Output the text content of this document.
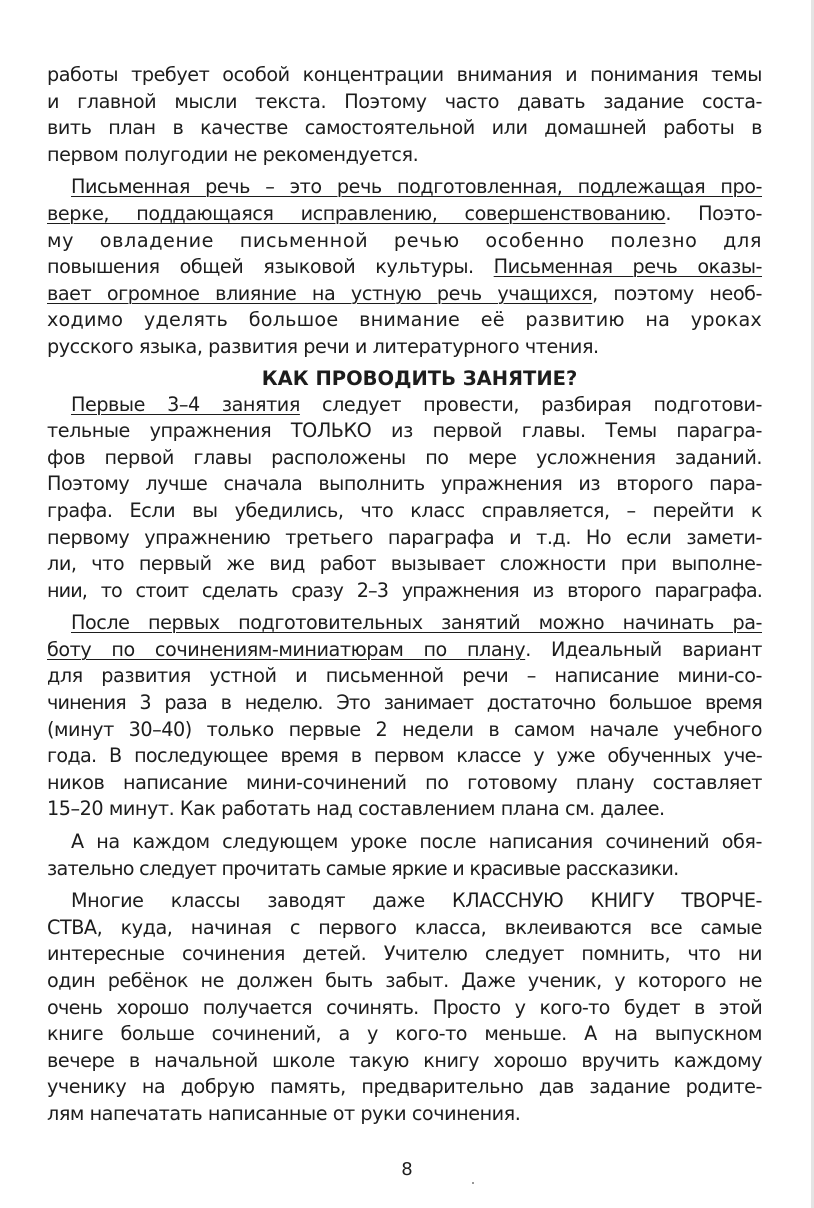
работы требует особой концентрации внимания и понимания темы
и главной мысли текста. Поэтому часто давать задание соста-
вить план в качестве самостоятельной или домашней работы в
первом полугодии не рекомендуется.
Письменная речь – это речь подготовленная, подлежащая про-
верке, поддающаяся исправлению, совершенствованию. Поэто-
му овладение письменной речью особенно полезно для
повышения общей языковой культуры. Письменная речь оказы-
вает огромное влияние на устную речь учащихся, поэтому необ-
ходимо уделять большое внимание её развитию на уроках
русского языка, развития речи и литературного чтения.
КАК ПРОВОДИТЬ ЗАНЯТИЕ?
Первые 3–4 занятия следует провести, разбирая подготови-
тельные упражнения ТОЛЬКО из первой главы. Темы парагра-
фов первой главы расположены по мере усложнения заданий.
Поэтому лучше сначала выполнить упражнения из второго пара-
графа. Если вы убедились, что класс справляется, – перейти к
первому упражнению третьего параграфа и т.д. Но если замети-
ли, что первый же вид работ вызывает сложности при выполне-
нии, то стоит сделать сразу 2–3 упражнения из второго параграфа.
После первых подготовительных занятий можно начинать ра-
боту по сочинениям-миниатюрам по плану. Идеальный вариант
для развития устной и письменной речи – написание мини-со-
чинения 3 раза в неделю. Это занимает достаточно большое время
(минут 30–40) только первые 2 недели в самом начале учебного
года. В последующее время в первом классе у уже обученных уче-
ников написание мини-сочинений по готовому плану составляет
15–20 минут. Как работать над составлением плана см. далее.
А на каждом следующем уроке после написания сочинений обя-
зательно следует прочитать самые яркие и красивые рассказики.
Многие классы заводят даже КЛАССНУЮ КНИГУ ТВОРЧЕ-
СТВА, куда, начиная с первого класса, вклеиваются все самые
интересные сочинения детей. Учителю следует помнить, что ни
один ребёнок не должен быть забыт. Даже ученик, у которого не
очень хорошо получается сочинять. Просто у кого-то будет в этой
книге больше сочинений, а у кого-то меньше. А на выпускном
вечере в начальной школе такую книгу хорошо вручить каждому
ученику на добрую память, предварительно дав задание родите-
лям напечатать написанные от руки сочинения.
8
